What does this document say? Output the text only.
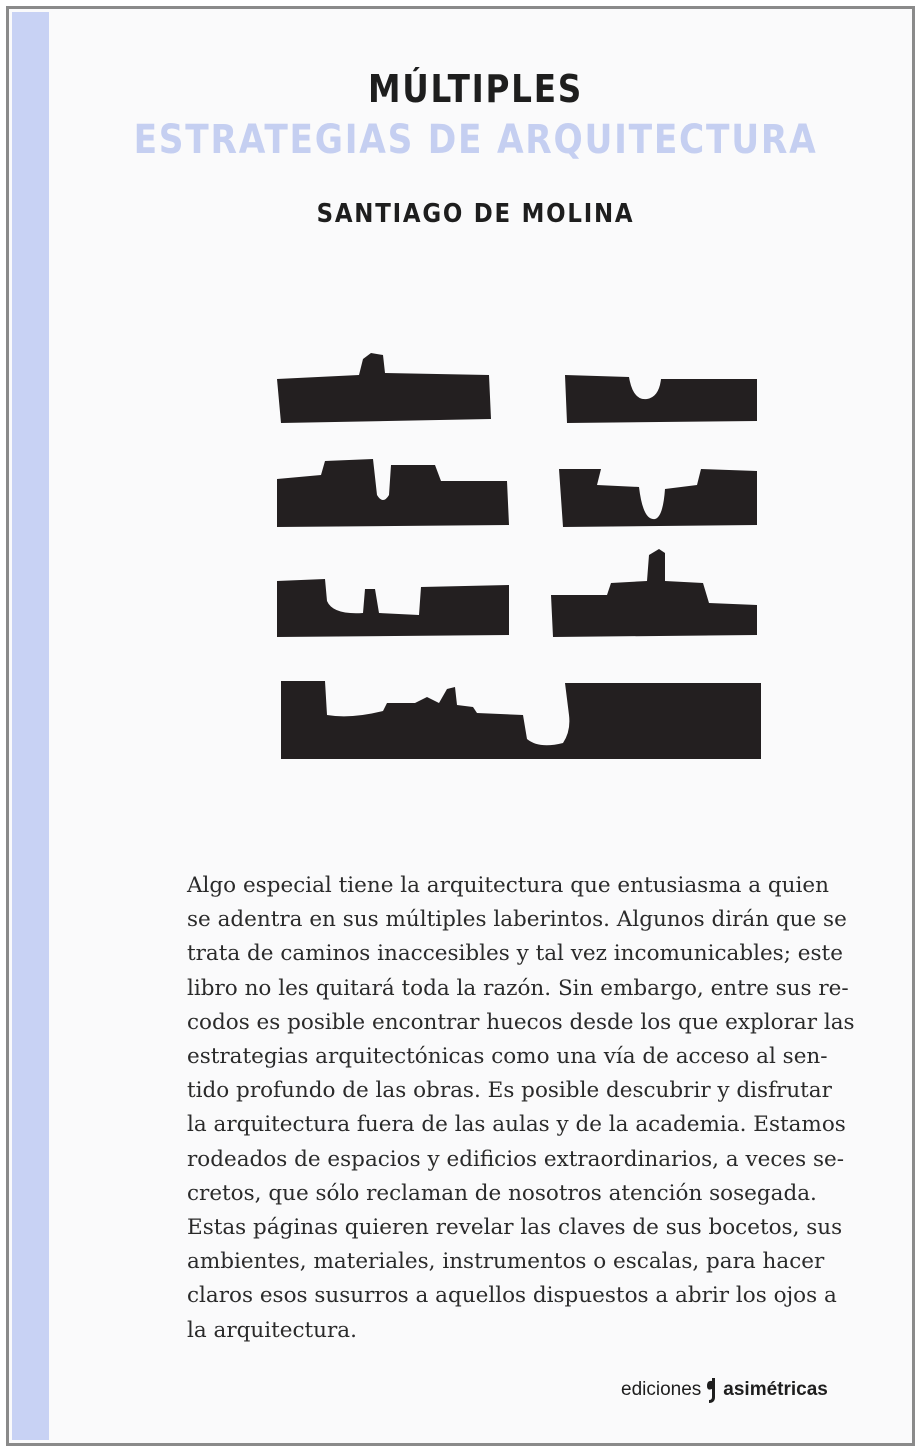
MÚLTIPLES
ESTRATEGIAS DE ARQUITECTURA
SANTIAGO DE MOLINA

Algo especial tiene la arquitectura que entusiasma a quien

se adentra en sus múltiples laberintos. Algunos dirán que se

trata de caminos inaccesibles y tal vez incomunicables; este

libro no les quitará toda la razón. Sin embargo, entre sus re-

codos es posible encontrar huecos desde los que explorar las

estrategias arquitectónicas como una vía de acceso al sen-

tido profundo de las obras. Es posible descubrir y disfrutar

la arquitectura fuera de las aulas y de la academia. Estamos

rodeados de espacios y edificios extraordinarios, a veces se-

cretos, que sólo reclaman de nosotros atención sosegada.

Estas páginas quieren revelar las claves de sus bocetos, sus

ambientes, materiales, instrumentos o escalas, para hacer

claros esos susurros a aquellos dispuestos a abrir los ojos a

la arquitectura.

ediciones asimétricas
